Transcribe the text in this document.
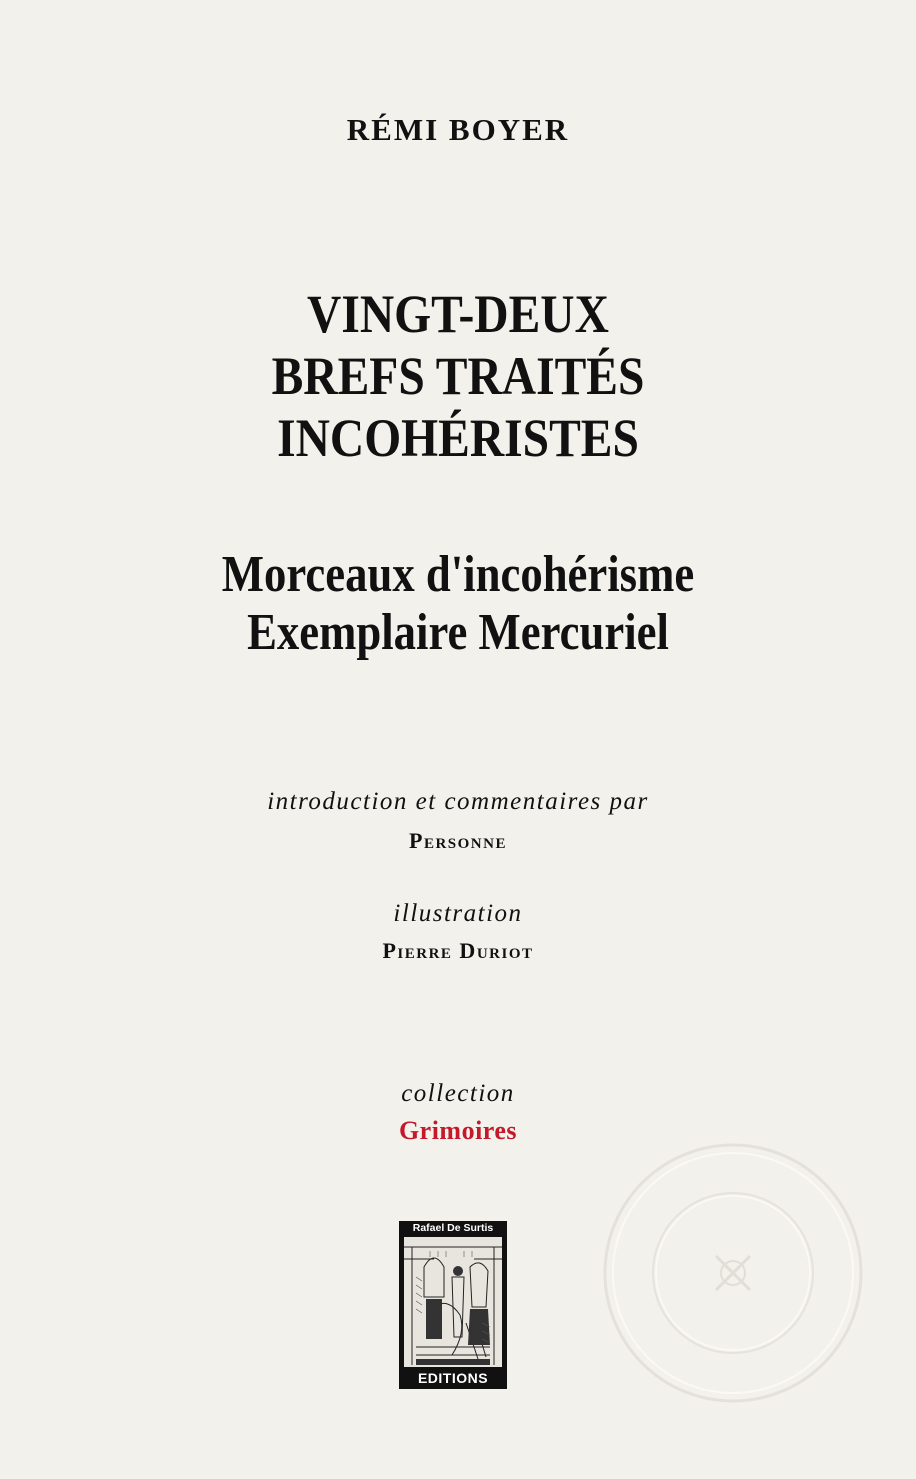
RÉMI BOYER
VINGT-DEUX
BREFS TRAITÉS
INCOHÉRISTES
Morceaux d'incohérisme
Exemplaire Mercuriel
introduction et commentaires par
Personne
illustration
Pierre Duriot
collection
Grimoires
Rafael De Surtis
EDITIONS
